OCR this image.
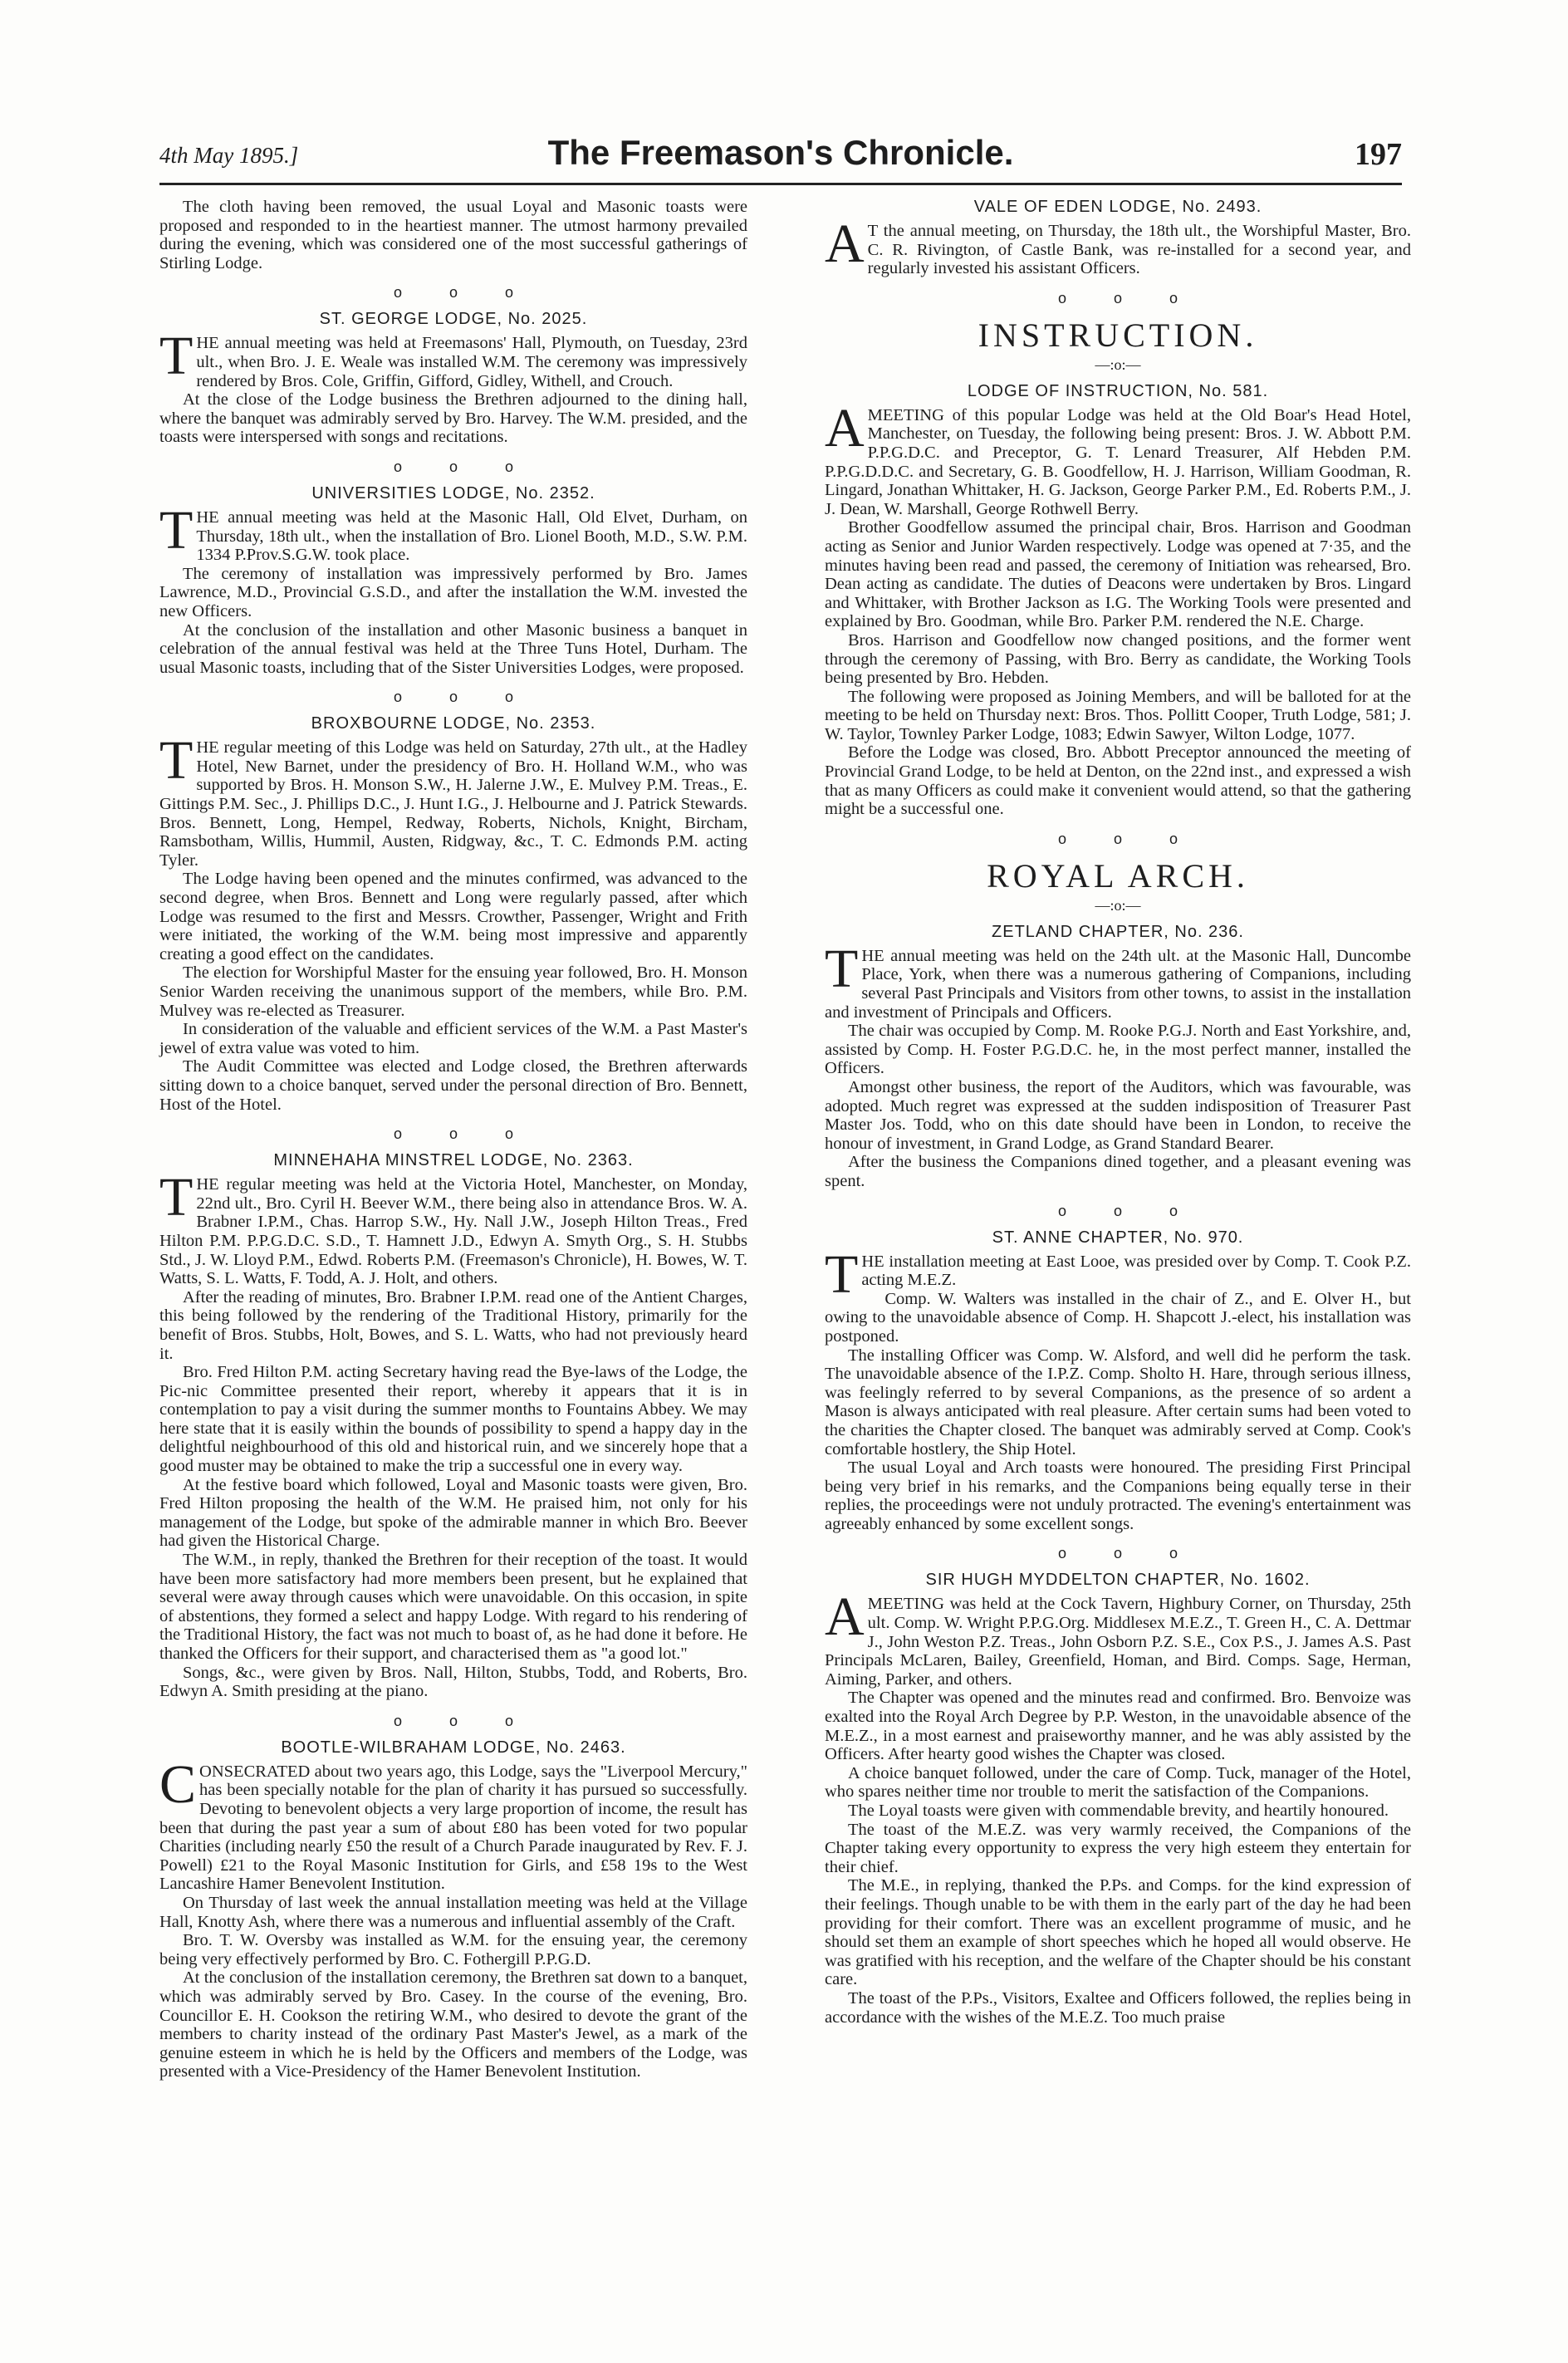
4th May 1895.]	The Freemason's Chronicle.	197

The cloth having been removed, the usual Loyal and Masonic toasts were proposed and responded to in the heartiest manner. The utmost harmony prevailed during the evening, which was considered one of the most successful gatherings of Stirling Lodge.

o o o
ST. GEORGE LODGE, No. 2025.

THE annual meeting was held at Freemasons' Hall, Plymouth, on Tuesday, 23rd ult., when Bro. J. E. Weale was installed W.M. The ceremony was impressively rendered by Bros. Cole, Griffin, Gifford, Gidley, Withell, and Crouch.

At the close of the Lodge business the Brethren adjourned to the dining hall, where the banquet was admirably served by Bro. Harvey. The W.M. presided, and the toasts were interspersed with songs and recitations.

o o o
UNIVERSITIES LODGE, No. 2352.

THE annual meeting was held at the Masonic Hall, Old Elvet, Durham, on Thursday, 18th ult., when the installation of Bro. Lionel Booth, M.D., S.W. P.M. 1334 P.Prov.S.G.W. took place.

The ceremony of installation was impressively performed by Bro. James Lawrence, M.D., Provincial G.S.D., and after the installation the W.M. invested the new Officers.

At the conclusion of the installation and other Masonic business a banquet in celebration of the annual festival was held at the Three Tuns Hotel, Durham. The usual Masonic toasts, including that of the Sister Universities Lodges, were proposed.

o o o
BROXBOURNE LODGE, No. 2353.

THE regular meeting of this Lodge was held on Saturday, 27th ult., at the Hadley Hotel, New Barnet, under the presidency of Bro. H. Holland W.M., who was supported by Bros. H. Monson S.W., H. Jalerne J.W., E. Mulvey P.M. Treas., E. Gittings P.M. Sec., J. Phillips D.C., J. Hunt I.G., J. Helbourne and J. Patrick Stewards. Bros. Bennett, Long, Hempel, Redway, Roberts, Nichols, Knight, Bircham, Ramsbotham, Willis, Hummil, Austen, Ridgway, &c., T. C. Edmonds P.M. acting Tyler.

The Lodge having been opened and the minutes confirmed, was advanced to the second degree, when Bros. Bennett and Long were regularly passed, after which Lodge was resumed to the first and Messrs. Crowther, Passenger, Wright and Frith were initiated, the working of the W.M. being most impressive and apparently creating a good effect on the candidates.

The election for Worshipful Master for the ensuing year followed, Bro. H. Monson Senior Warden receiving the unanimous support of the members, while Bro. P.M. Mulvey was re-elected as Treasurer.

In consideration of the valuable and efficient services of the W.M. a Past Master's jewel of extra value was voted to him.

The Audit Committee was elected and Lodge closed, the Brethren afterwards sitting down to a choice banquet, served under the personal direction of Bro. Bennett, Host of the Hotel.

o o o
MINNEHAHA MINSTREL LODGE, No. 2363.

THE regular meeting was held at the Victoria Hotel, Manchester, on Monday, 22nd ult., Bro. Cyril H. Beever W.M., there being also in attendance Bros. W. A. Brabner I.P.M., Chas. Harrop S.W., Hy. Nall J.W., Joseph Hilton Treas., Fred Hilton P.M. P.P.G.D.C. S.D., T. Hamnett J.D., Edwyn A. Smyth Org., S. H. Stubbs Std., J. W. Lloyd P.M., Edwd. Roberts P.M. (Freemason's Chronicle), H. Bowes, W. T. Watts, S. L. Watts, F. Todd, A. J. Holt, and others.

After the reading of minutes, Bro. Brabner I.P.M. read one of the Antient Charges, this being followed by the rendering of the Traditional History, primarily for the benefit of Bros. Stubbs, Holt, Bowes, and S. L. Watts, who had not previously heard it.

Bro. Fred Hilton P.M. acting Secretary having read the Bye-laws of the Lodge, the Pic-nic Committee presented their report, whereby it appears that it is in contemplation to pay a visit during the summer months to Fountains Abbey. We may here state that it is easily within the bounds of possibility to spend a happy day in the delightful neighbourhood of this old and historical ruin, and we sincerely hope that a good muster may be obtained to make the trip a successful one in every way.

At the festive board which followed, Loyal and Masonic toasts were given, Bro. Fred Hilton proposing the health of the W.M. He praised him, not only for his management of the Lodge, but spoke of the admirable manner in which Bro. Beever had given the Historical Charge.

The W.M., in reply, thanked the Brethren for their reception of the toast. It would have been more satisfactory had more members been present, but he explained that several were away through causes which were unavoidable. On this occasion, in spite of abstentions, they formed a select and happy Lodge. With regard to his rendering of the Traditional History, the fact was not much to boast of, as he had done it before. He thanked the Officers for their support, and characterised them as "a good lot."

Songs, &c., were given by Bros. Nall, Hilton, Stubbs, Todd, and Roberts, Bro. Edwyn A. Smith presiding at the piano.

o o o
BOOTLE-WILBRAHAM LODGE, No. 2463.

CONSECRATED about two years ago, this Lodge, says the "Liverpool Mercury," has been specially notable for the plan of charity it has pursued so successfully. Devoting to benevolent objects a very large proportion of income, the result has been that during the past year a sum of about £80 has been voted for two popular Charities (including nearly £50 the result of a Church Parade inaugurated by Rev. F. J. Powell) £21 to the Royal Masonic Institution for Girls, and £58 19s to the West Lancashire Hamer Benevolent Institution.

On Thursday of last week the annual installation meeting was held at the Village Hall, Knotty Ash, where there was a numerous and influential assembly of the Craft.

Bro. T. W. Oversby was installed as W.M. for the ensuing year, the ceremony being very effectively performed by Bro. C. Fothergill P.P.G.D.

At the conclusion of the installation ceremony, the Brethren sat down to a banquet, which was admirably served by Bro. Casey. In the course of the evening, Bro. Councillor E. H. Cookson the retiring W.M., who desired to devote the grant of the members to charity instead of the ordinary Past Master's Jewel, as a mark of the genuine esteem in which he is held by the Officers and members of the Lodge, was presented with a Vice-Presidency of the Hamer Benevolent Institution.

VALE OF EDEN LODGE, No. 2493.

AT the annual meeting, on Thursday, the 18th ult., the Worshipful Master, Bro. C. R. Rivington, of Castle Bank, was re-installed for a second year, and regularly invested his assistant Officers.

o o o
INSTRUCTION.
—:o:—
LODGE OF INSTRUCTION, No. 581.

AMEETING of this popular Lodge was held at the Old Boar's Head Hotel, Manchester, on Tuesday, the following being present: Bros. J. W. Abbott P.M. P.P.G.D.C. and Preceptor, G. T. Lenard Treasurer, Alf Hebden P.M. P.P.G.D.D.C. and Secretary, G. B. Goodfellow, H. J. Harrison, William Goodman, R. Lingard, Jonathan Whittaker, H. G. Jackson, George Parker P.M., Ed. Roberts P.M., J. J. Dean, W. Marshall, George Rothwell Berry.

Brother Goodfellow assumed the principal chair, Bros. Harrison and Goodman acting as Senior and Junior Warden respectively. Lodge was opened at 7·35, and the minutes having been read and passed, the ceremony of Initiation was rehearsed, Bro. Dean acting as candidate. The duties of Deacons were undertaken by Bros. Lingard and Whittaker, with Brother Jackson as I.G. The Working Tools were presented and explained by Bro. Goodman, while Bro. Parker P.M. rendered the N.E. Charge.

Bros. Harrison and Goodfellow now changed positions, and the former went through the ceremony of Passing, with Bro. Berry as candidate, the Working Tools being presented by Bro. Hebden.

The following were proposed as Joining Members, and will be balloted for at the meeting to be held on Thursday next: Bros. Thos. Pollitt Cooper, Truth Lodge, 581; J. W. Taylor, Townley Parker Lodge, 1083; Edwin Sawyer, Wilton Lodge, 1077.

Before the Lodge was closed, Bro. Abbott Preceptor announced the meeting of Provincial Grand Lodge, to be held at Denton, on the 22nd inst., and expressed a wish that as many Officers as could make it convenient would attend, so that the gathering might be a successful one.

o o o
ROYAL ARCH.
—:o:—
ZETLAND CHAPTER, No. 236.

THE annual meeting was held on the 24th ult. at the Masonic Hall, Duncombe Place, York, when there was a numerous gathering of Companions, including several Past Principals and Visitors from other towns, to assist in the installation and investment of Principals and Officers.

The chair was occupied by Comp. M. Rooke P.G.J. North and East Yorkshire, and, assisted by Comp. H. Foster P.G.D.C. he, in the most perfect manner, installed the Officers.

Amongst other business, the report of the Auditors, which was favourable, was adopted. Much regret was expressed at the sudden indisposition of Treasurer Past Master Jos. Todd, who on this date should have been in London, to receive the honour of investment, in Grand Lodge, as Grand Standard Bearer.

After the business the Companions dined together, and a pleasant evening was spent.

o o o
ST. ANNE CHAPTER, No. 970.

THE installation meeting at East Looe, was presided over by Comp. T. Cook P.Z. acting M.E.Z.

Comp. W. Walters was installed in the chair of Z., and E. Olver H., but owing to the unavoidable absence of Comp. H. Shapcott J.-elect, his installation was postponed.

The installing Officer was Comp. W. Alsford, and well did he perform the task. The unavoidable absence of the I.P.Z. Comp. Sholto H. Hare, through serious illness, was feelingly referred to by several Companions, as the presence of so ardent a Mason is always anticipated with real pleasure. After certain sums had been voted to the charities the Chapter closed. The banquet was admirably served at Comp. Cook's comfortable hostlery, the Ship Hotel.

The usual Loyal and Arch toasts were honoured. The presiding First Principal being very brief in his remarks, and the Companions being equally terse in their replies, the proceedings were not unduly protracted. The evening's entertainment was agreeably enhanced by some excellent songs.

o o o
SIR HUGH MYDDELTON CHAPTER, No. 1602.

AMEETING was held at the Cock Tavern, Highbury Corner, on Thursday, 25th ult. Comp. W. Wright P.P.G.Org. Middlesex M.E.Z., T. Green H., C. A. Dettmar J., John Weston P.Z. Treas., John Osborn P.Z. S.E., Cox P.S., J. James A.S. Past Principals McLaren, Bailey, Greenfield, Homan, and Bird. Comps. Sage, Herman, Aiming, Parker, and others.

The Chapter was opened and the minutes read and confirmed. Bro. Benvoize was exalted into the Royal Arch Degree by P.P. Weston, in the unavoidable absence of the M.E.Z., in a most earnest and praiseworthy manner, and he was ably assisted by the Officers. After hearty good wishes the Chapter was closed.

A choice banquet followed, under the care of Comp. Tuck, manager of the Hotel, who spares neither time nor trouble to merit the satisfaction of the Companions.

The Loyal toasts were given with commendable brevity, and heartily honoured.

The toast of the M.E.Z. was very warmly received, the Companions of the Chapter taking every opportunity to express the very high esteem they entertain for their chief.

The M.E., in replying, thanked the P.Ps. and Comps. for the kind expression of their feelings. Though unable to be with them in the early part of the day he had been providing for their comfort. There was an excellent programme of music, and he should set them an example of short speeches which he hoped all would observe. He was gratified with his reception, and the welfare of the Chapter should be his constant care.

The toast of the P.Ps., Visitors, Exaltee and Officers followed, the replies being in accordance with the wishes of the M.E.Z. Too much praise
